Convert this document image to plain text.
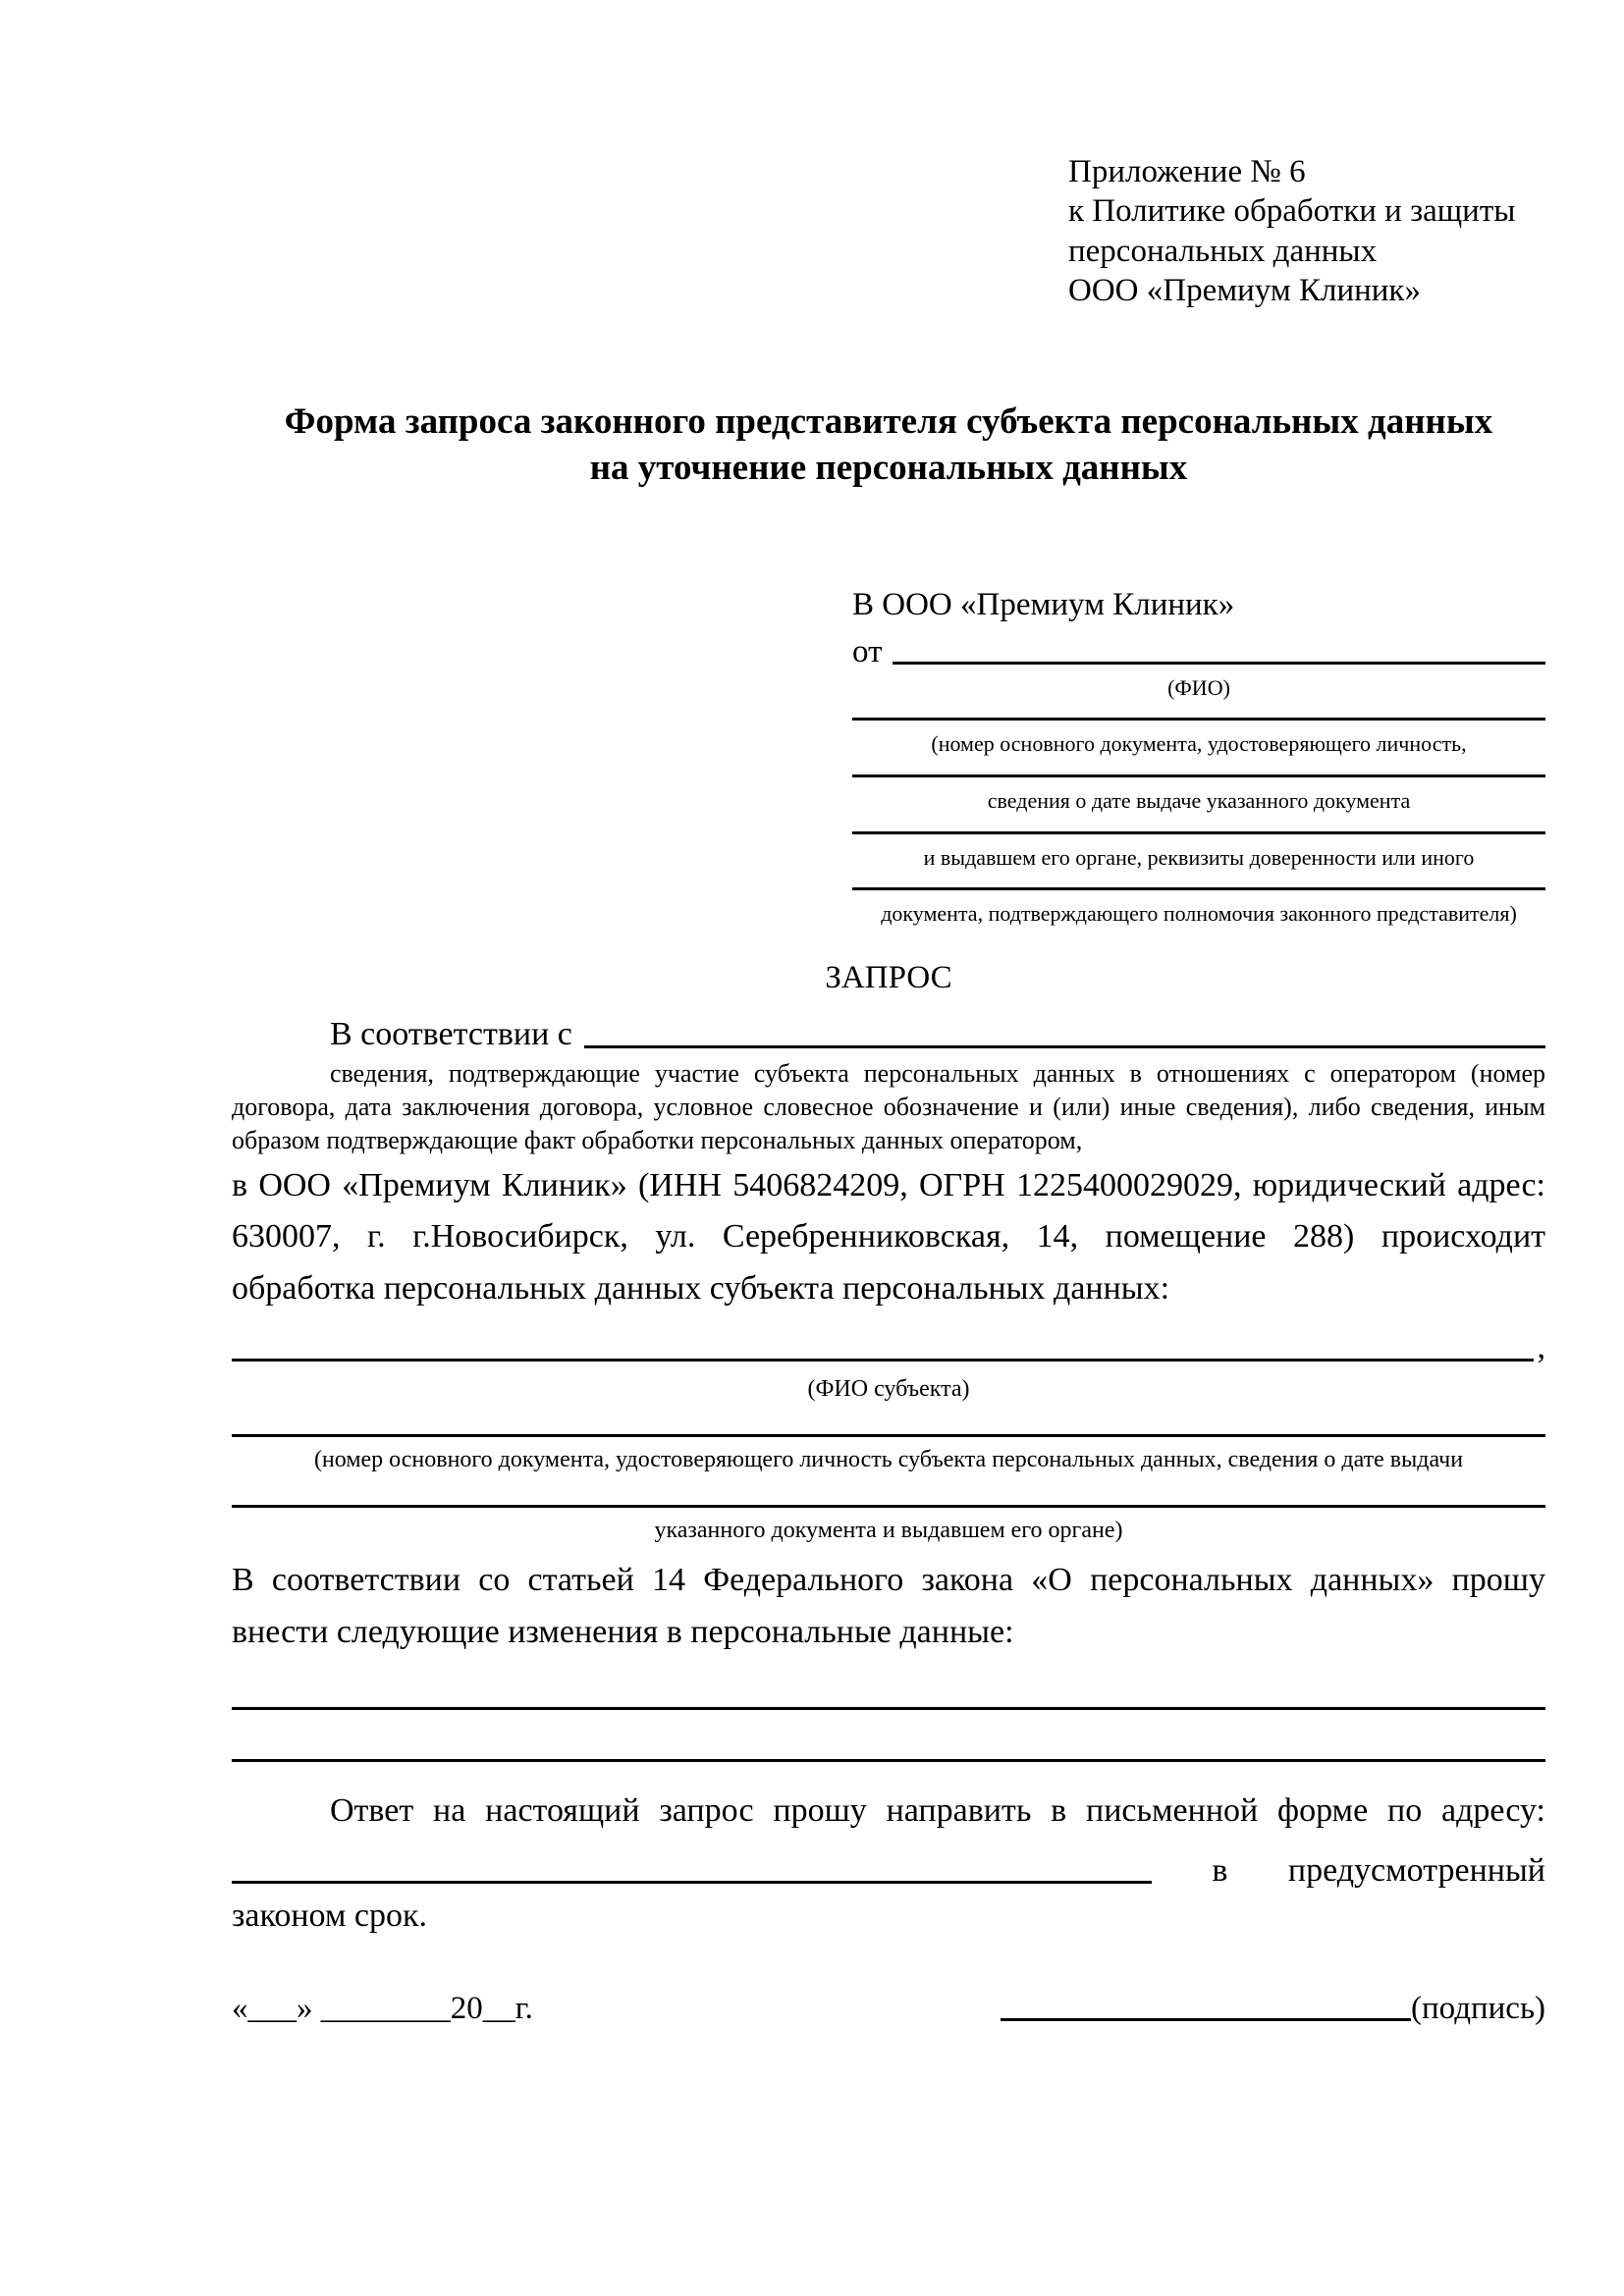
Приложение № 6
к Политике обработки и защиты
персональных данных
ООО «Премиум Клиник»
Форма запроса законного представителя субъекта персональных данных
на уточнение персональных данных
В ООО «Премиум Клиник»
от
(ФИО)
(номер основного документа, удостоверяющего личность,
сведения о дате выдаче указанного документа
и выдавшем его органе, реквизиты доверенности или иного
документа, подтверждающего полномочия законного представителя)
ЗАПРОС
В соответствии с
сведения, подтверждающие участие субъекта персональных данных в отношениях с оператором (номер договора, дата заключения договора, условное словесное обозначение и (или) иные сведения), либо сведения, иным образом подтверждающие факт обработки персональных данных оператором,

в ООО «Премиум Клиник» (ИНН 5406824209, ОГРН 1225400029029, юридический адрес: 630007, г. г.Новосибирск, ул. Серебренниковская, 14, помещение 288) происходит обработка персональных данных субъекта персональных данных:

,
(ФИО субъекта)
(номер основного документа, удостоверяющего личность субъекта персональных данных, сведения о дате выдачи
указанного документа и выдавшем его органе)

В соответствии со статьей 14 Федерального закона «О персональных данных» прошу внести следующие изменения в персональные данные:

Ответ на настоящий запрос прошу направить в письменной форме по адресу:
в предусмотренный
законом срок.
«___» ________20__г.	(подпись)
